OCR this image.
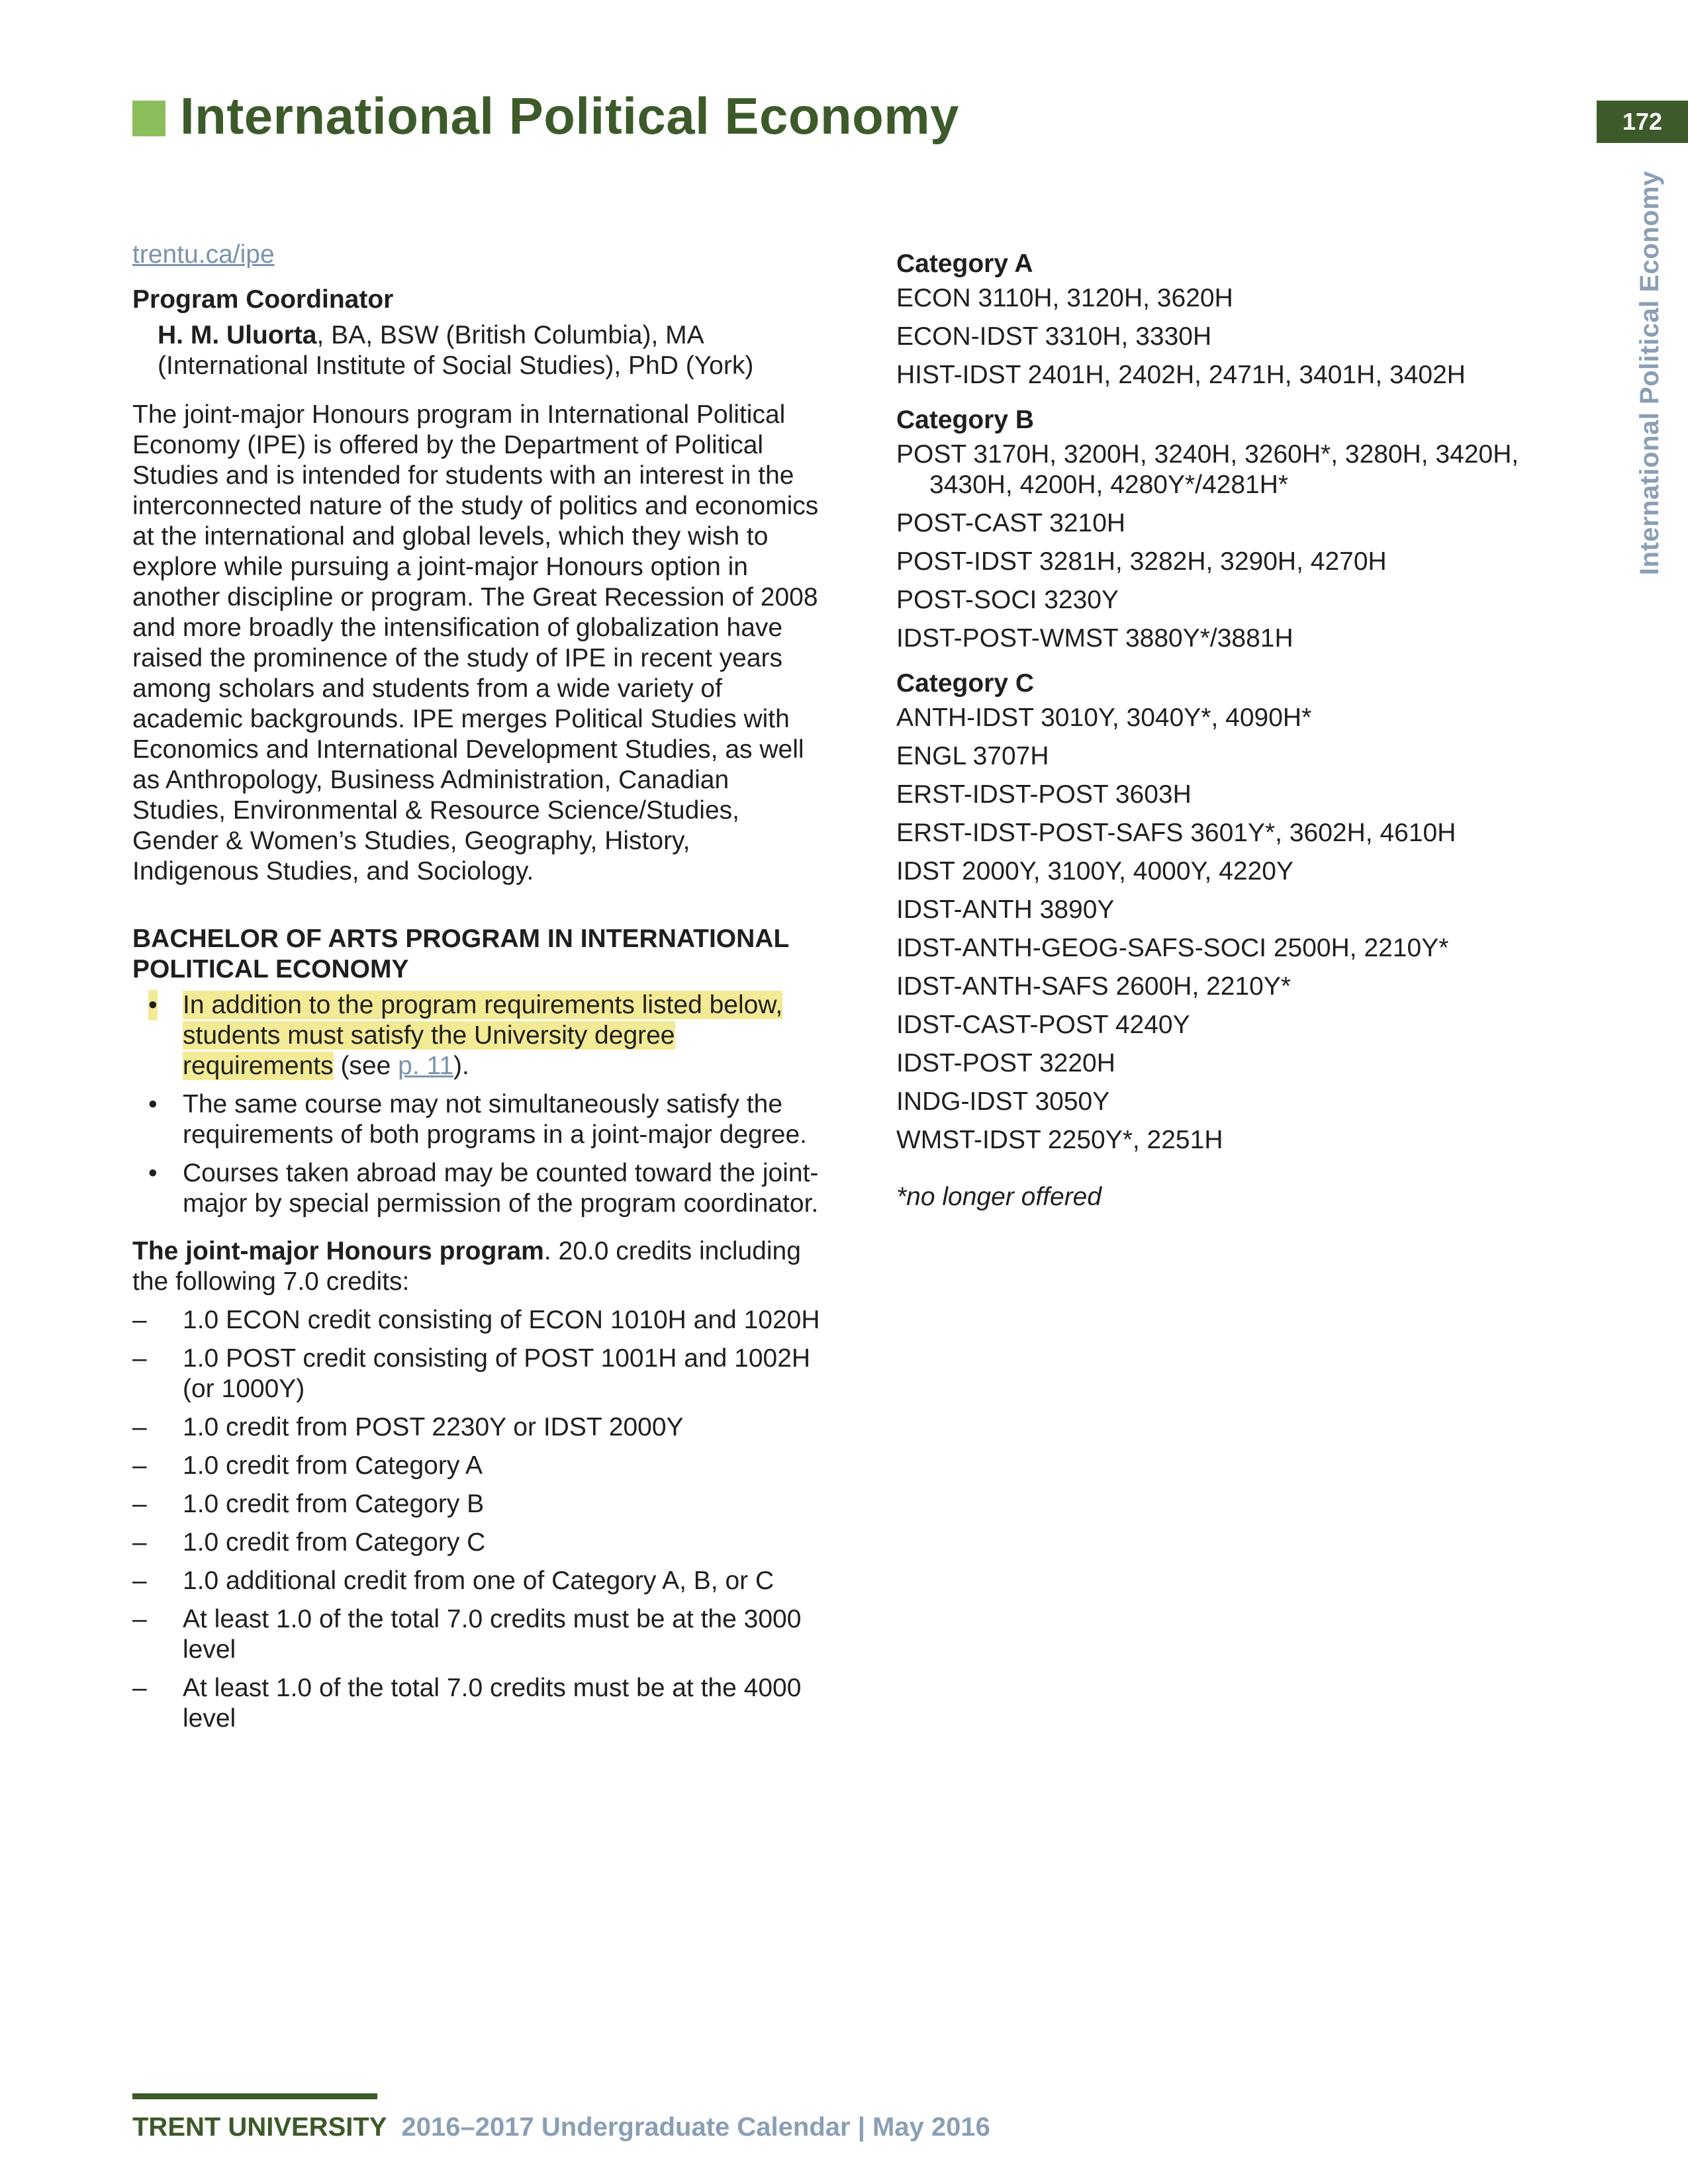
International Political Economy	172
International Political Economy
trentu.ca/ipe
Program Coordinator
H. M. Uluorta, BA, BSW (British Columbia), MA (International Institute of Social Studies), PhD (York)
The joint-major Honours program in International Political Economy (IPE) is offered by the Department of Political Studies and is intended for students with an interest in the interconnected nature of the study of politics and economics at the international and global levels, which they wish to explore while pursuing a joint-major Honours option in another discipline or program. The Great Recession of 2008 and more broadly the intensification of globalization have raised the prominence of the study of IPE in recent years among scholars and students from a wide variety of academic backgrounds. IPE merges Political Studies with Economics and International Development Studies, as well as Anthropology, Business Administration, Canadian Studies, Environmental & Resource Science/Studies, Gender & Women’s Studies, Geography, History, Indigenous Studies, and Sociology.
BACHELOR OF ARTS PROGRAM IN INTERNATIONAL POLITICAL ECONOMY
• In addition to the program requirements listed below, students must satisfy the University degree requirements (see p. 11).
• The same course may not simultaneously satisfy the requirements of both programs in a joint-major degree.
• Courses taken abroad may be counted toward the joint-major by special permission of the program coordinator.
The joint-major Honours program. 20.0 credits including the following 7.0 credits:
– 1.0 ECON credit consisting of ECON 1010H and 1020H
– 1.0 POST credit consisting of POST 1001H and 1002H (or 1000Y)
– 1.0 credit from POST 2230Y or IDST 2000Y
– 1.0 credit from Category A
– 1.0 credit from Category B
– 1.0 credit from Category C
– 1.0 additional credit from one of Category A, B, or C
– At least 1.0 of the total 7.0 credits must be at the 3000 level
– At least 1.0 of the total 7.0 credits must be at the 4000 level
Category A
ECON 3110H, 3120H, 3620H
ECON-IDST 3310H, 3330H
HIST-IDST 2401H, 2402H, 2471H, 3401H, 3402H
Category B
POST 3170H, 3200H, 3240H, 3260H*, 3280H, 3420H, 3430H, 4200H, 4280Y*/4281H*
POST-CAST 3210H
POST-IDST 3281H, 3282H, 3290H, 4270H
POST-SOCI 3230Y
IDST-POST-WMST 3880Y*/3881H
Category C
ANTH-IDST 3010Y, 3040Y*, 4090H*
ENGL 3707H
ERST-IDST-POST 3603H
ERST-IDST-POST-SAFS 3601Y*, 3602H, 4610H
IDST 2000Y, 3100Y, 4000Y, 4220Y
IDST-ANTH 3890Y
IDST-ANTH-GEOG-SAFS-SOCI 2500H, 2210Y*
IDST-ANTH-SAFS 2600H, 2210Y*
IDST-CAST-POST 4240Y
IDST-POST 3220H
INDG-IDST 3050Y
WMST-IDST 2250Y*, 2251H
*no longer offered
TRENT UNIVERSITY 2016–2017 Undergraduate Calendar | May 2016
